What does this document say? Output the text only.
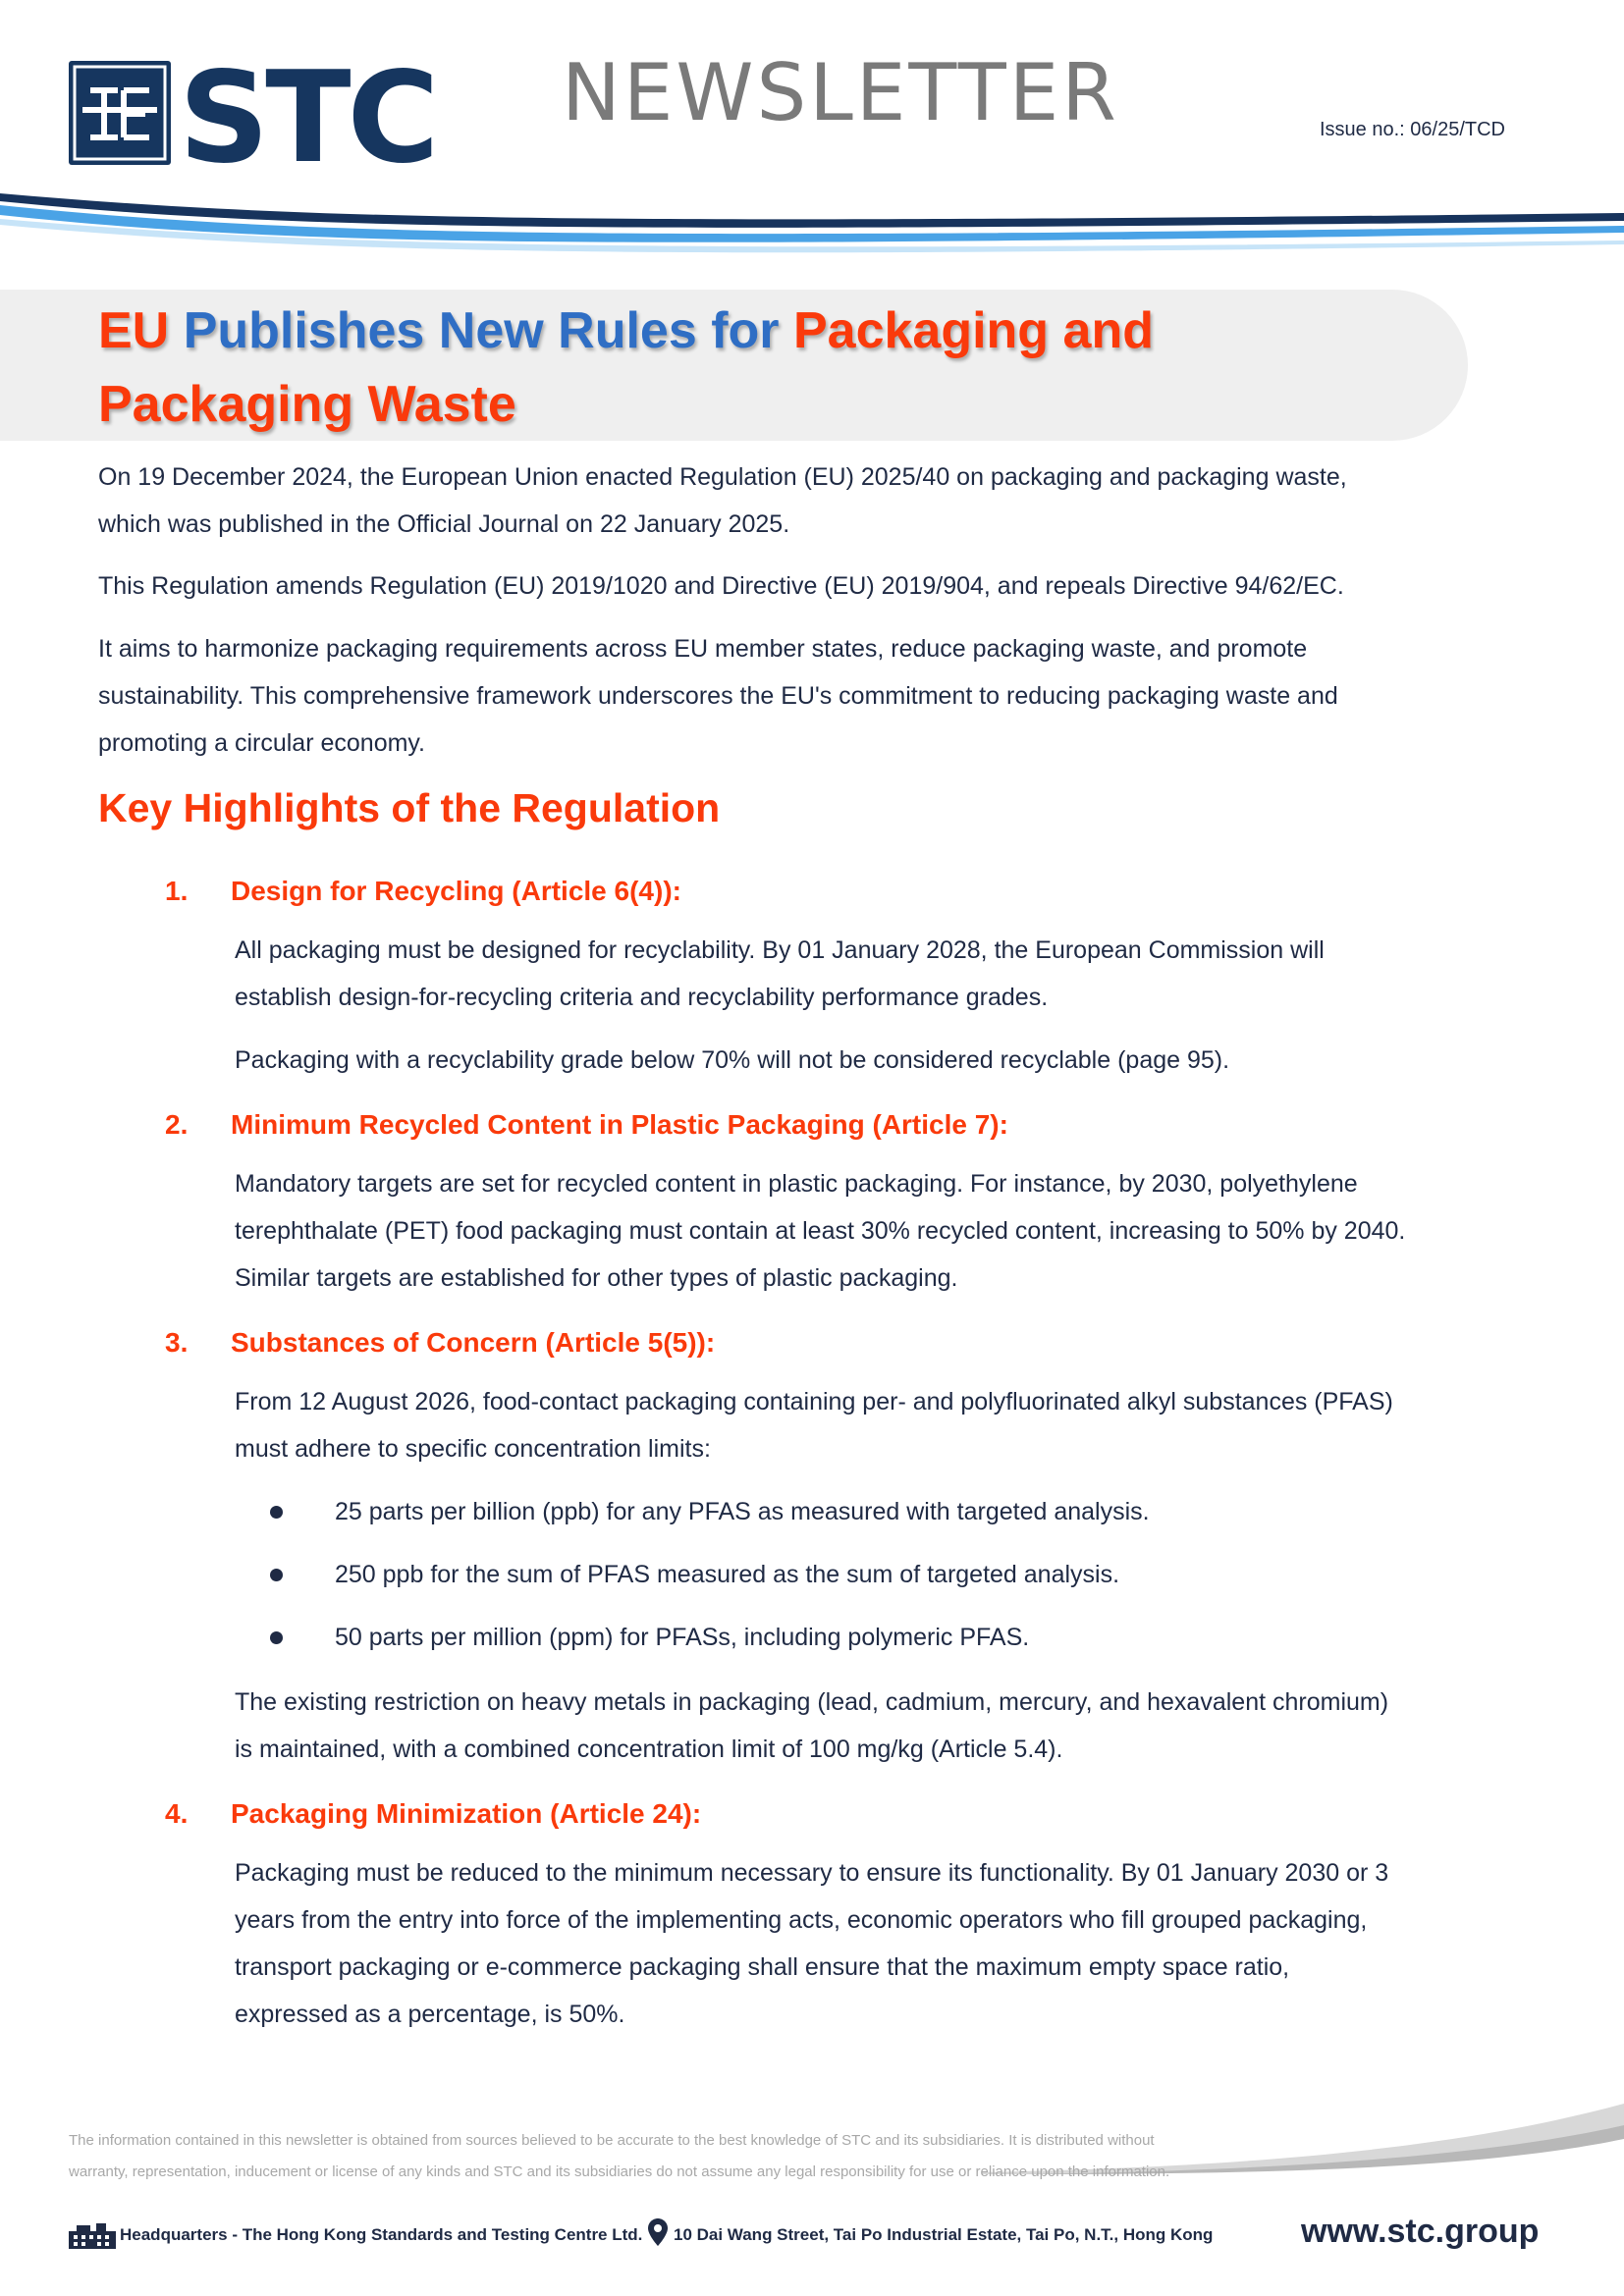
STC NEWSLETTER	Issue no.: 06/25/TCD
EU Publishes New Rules for Packaging and
Packaging Waste
On 19 December 2024, the European Union enacted Regulation (EU) 2025/40 on packaging and packaging waste,
which was published in the Official Journal on 22 January 2025.
This Regulation amends Regulation (EU) 2019/1020 and Directive (EU) 2019/904, and repeals Directive 94/62/EC.
It aims to harmonize packaging requirements across EU member states, reduce packaging waste, and promote
sustainability. This comprehensive framework underscores the EU's commitment to reducing packaging waste and
promoting a circular economy.
Key Highlights of the Regulation
1. Design for Recycling (Article 6(4)):
All packaging must be designed for recyclability. By 01 January 2028, the European Commission will
establish design-for-recycling criteria and recyclability performance grades.
Packaging with a recyclability grade below 70% will not be considered recyclable (page 95).
2. Minimum Recycled Content in Plastic Packaging (Article 7):
Mandatory targets are set for recycled content in plastic packaging. For instance, by 2030, polyethylene
terephthalate (PET) food packaging must contain at least 30% recycled content, increasing to 50% by 2040.
Similar targets are established for other types of plastic packaging.
3. Substances of Concern (Article 5(5)):
From 12 August 2026, food-contact packaging containing per- and polyfluorinated alkyl substances (PFAS)
must adhere to specific concentration limits:
25 parts per billion (ppb) for any PFAS as measured with targeted analysis.
250 ppb for the sum of PFAS measured as the sum of targeted analysis.
50 parts per million (ppm) for PFASs, including polymeric PFAS.
The existing restriction on heavy metals in packaging (lead, cadmium, mercury, and hexavalent chromium)
is maintained, with a combined concentration limit of 100 mg/kg (Article 5.4).
4. Packaging Minimization (Article 24):
Packaging must be reduced to the minimum necessary to ensure its functionality. By 01 January 2030 or 3
years from the entry into force of the implementing acts, economic operators who fill grouped packaging,
transport packaging or e-commerce packaging shall ensure that the maximum empty space ratio,
expressed as a percentage, is 50%.
The information contained in this newsletter is obtained from sources believed to be accurate to the best knowledge of STC and its subsidiaries. It is distributed without
warranty, representation, inducement or license of any kinds and STC and its subsidiaries do not assume any legal responsibility for use or reliance upon the information.
Headquarters - The Hong Kong Standards and Testing Centre Ltd. 10 Dai Wang Street, Tai Po Industrial Estate, Tai Po, N.T., Hong Kong	www.stc.group
